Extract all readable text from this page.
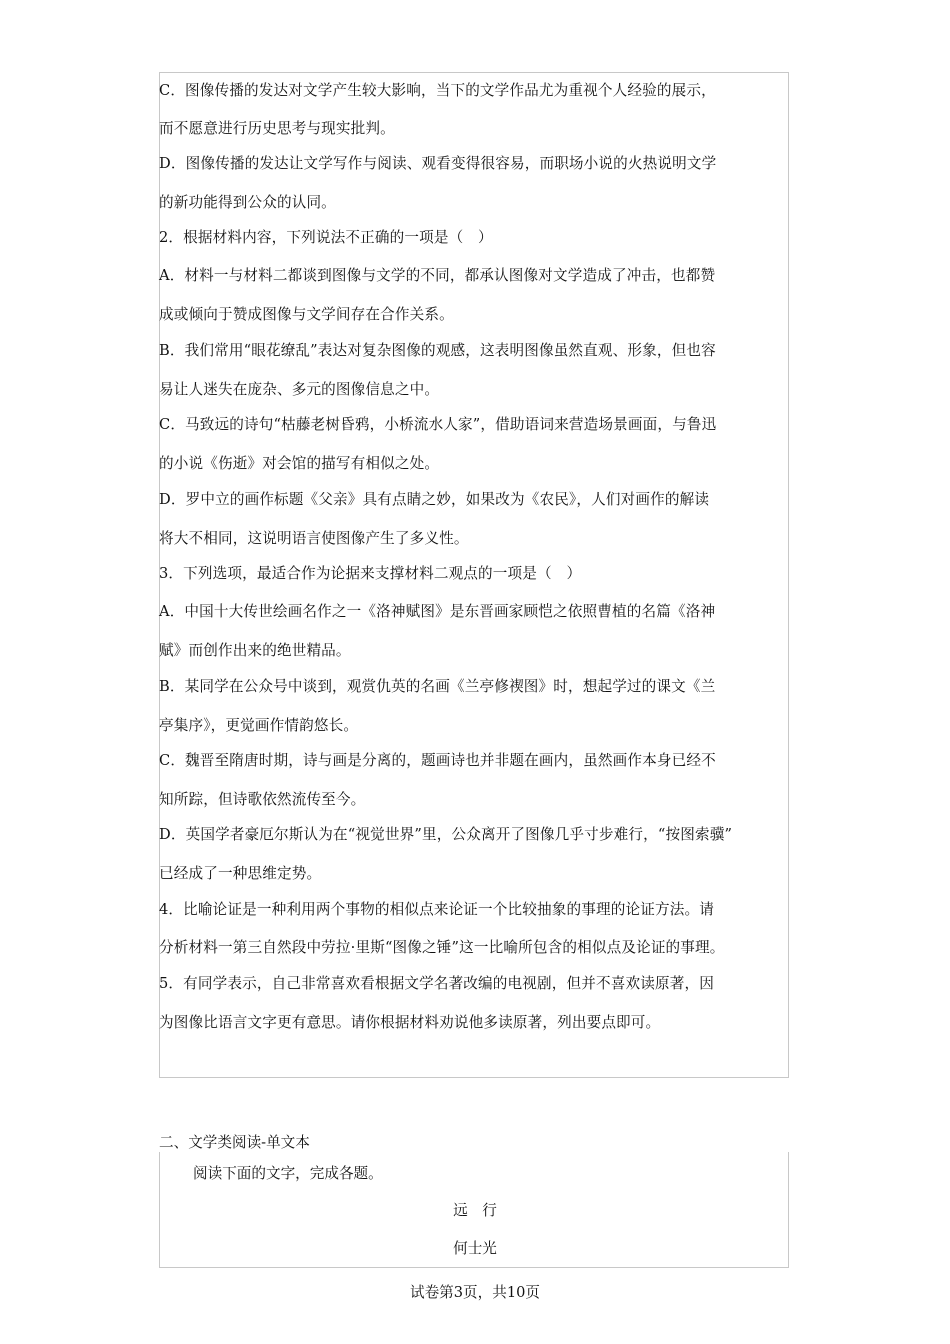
C．图像传播的发达对文学产生较大影响，当下的文学作品尤为重视个人经验的展示，
而不愿意进行历史思考与现实批判。
D．图像传播的发达让文学写作与阅读、观看变得很容易，而职场小说的火热说明文学
的新功能得到公众的认同。
2．根据材料内容，下列说法不正确的一项是（　）
A．材料一与材料二都谈到图像与文学的不同，都承认图像对文学造成了冲击，也都赞
成或倾向于赞成图像与文学间存在合作关系。
B．我们常用“眼花缭乱”表达对复杂图像的观感，这表明图像虽然直观、形象，但也容
易让人迷失在庞杂、多元的图像信息之中。
C．马致远的诗句“枯藤老树昏鸦，小桥流水人家”，借助语词来营造场景画面，与鲁迅
的小说《伤逝》对会馆的描写有相似之处。
D．罗中立的画作标题《父亲》具有点睛之妙，如果改为《农民》，人们对画作的解读
将大不相同，这说明语言使图像产生了多义性。
3．下列选项，最适合作为论据来支撑材料二观点的一项是（　）
A．中国十大传世绘画名作之一《洛神赋图》是东晋画家顾恺之依照曹植的名篇《洛神
赋》而创作出来的绝世精品。
B．某同学在公众号中谈到，观赏仇英的名画《兰亭修禊图》时，想起学过的课文《兰
亭集序》，更觉画作情韵悠长。
C．魏晋至隋唐时期，诗与画是分离的，题画诗也并非题在画内，虽然画作本身已经不
知所踪，但诗歌依然流传至今。
D．英国学者豪厄尔斯认为在“视觉世界”里，公众离开了图像几乎寸步难行，“按图索骥”
已经成了一种思维定势。
4．比喻论证是一种利用两个事物的相似点来论证一个比较抽象的事理的论证方法。请
分析材料一第三自然段中劳拉·里斯“图像之锤”这一比喻所包含的相似点及论证的事理。
5．有同学表示，自己非常喜欢看根据文学名著改编的电视剧，但并不喜欢读原著，因
为图像比语言文字更有意思。请你根据材料劝说他多读原著，列出要点即可。
二、文学类阅读-单文本
阅读下面的文字，完成各题。
远　行
何士光
试卷第3页，共10页
